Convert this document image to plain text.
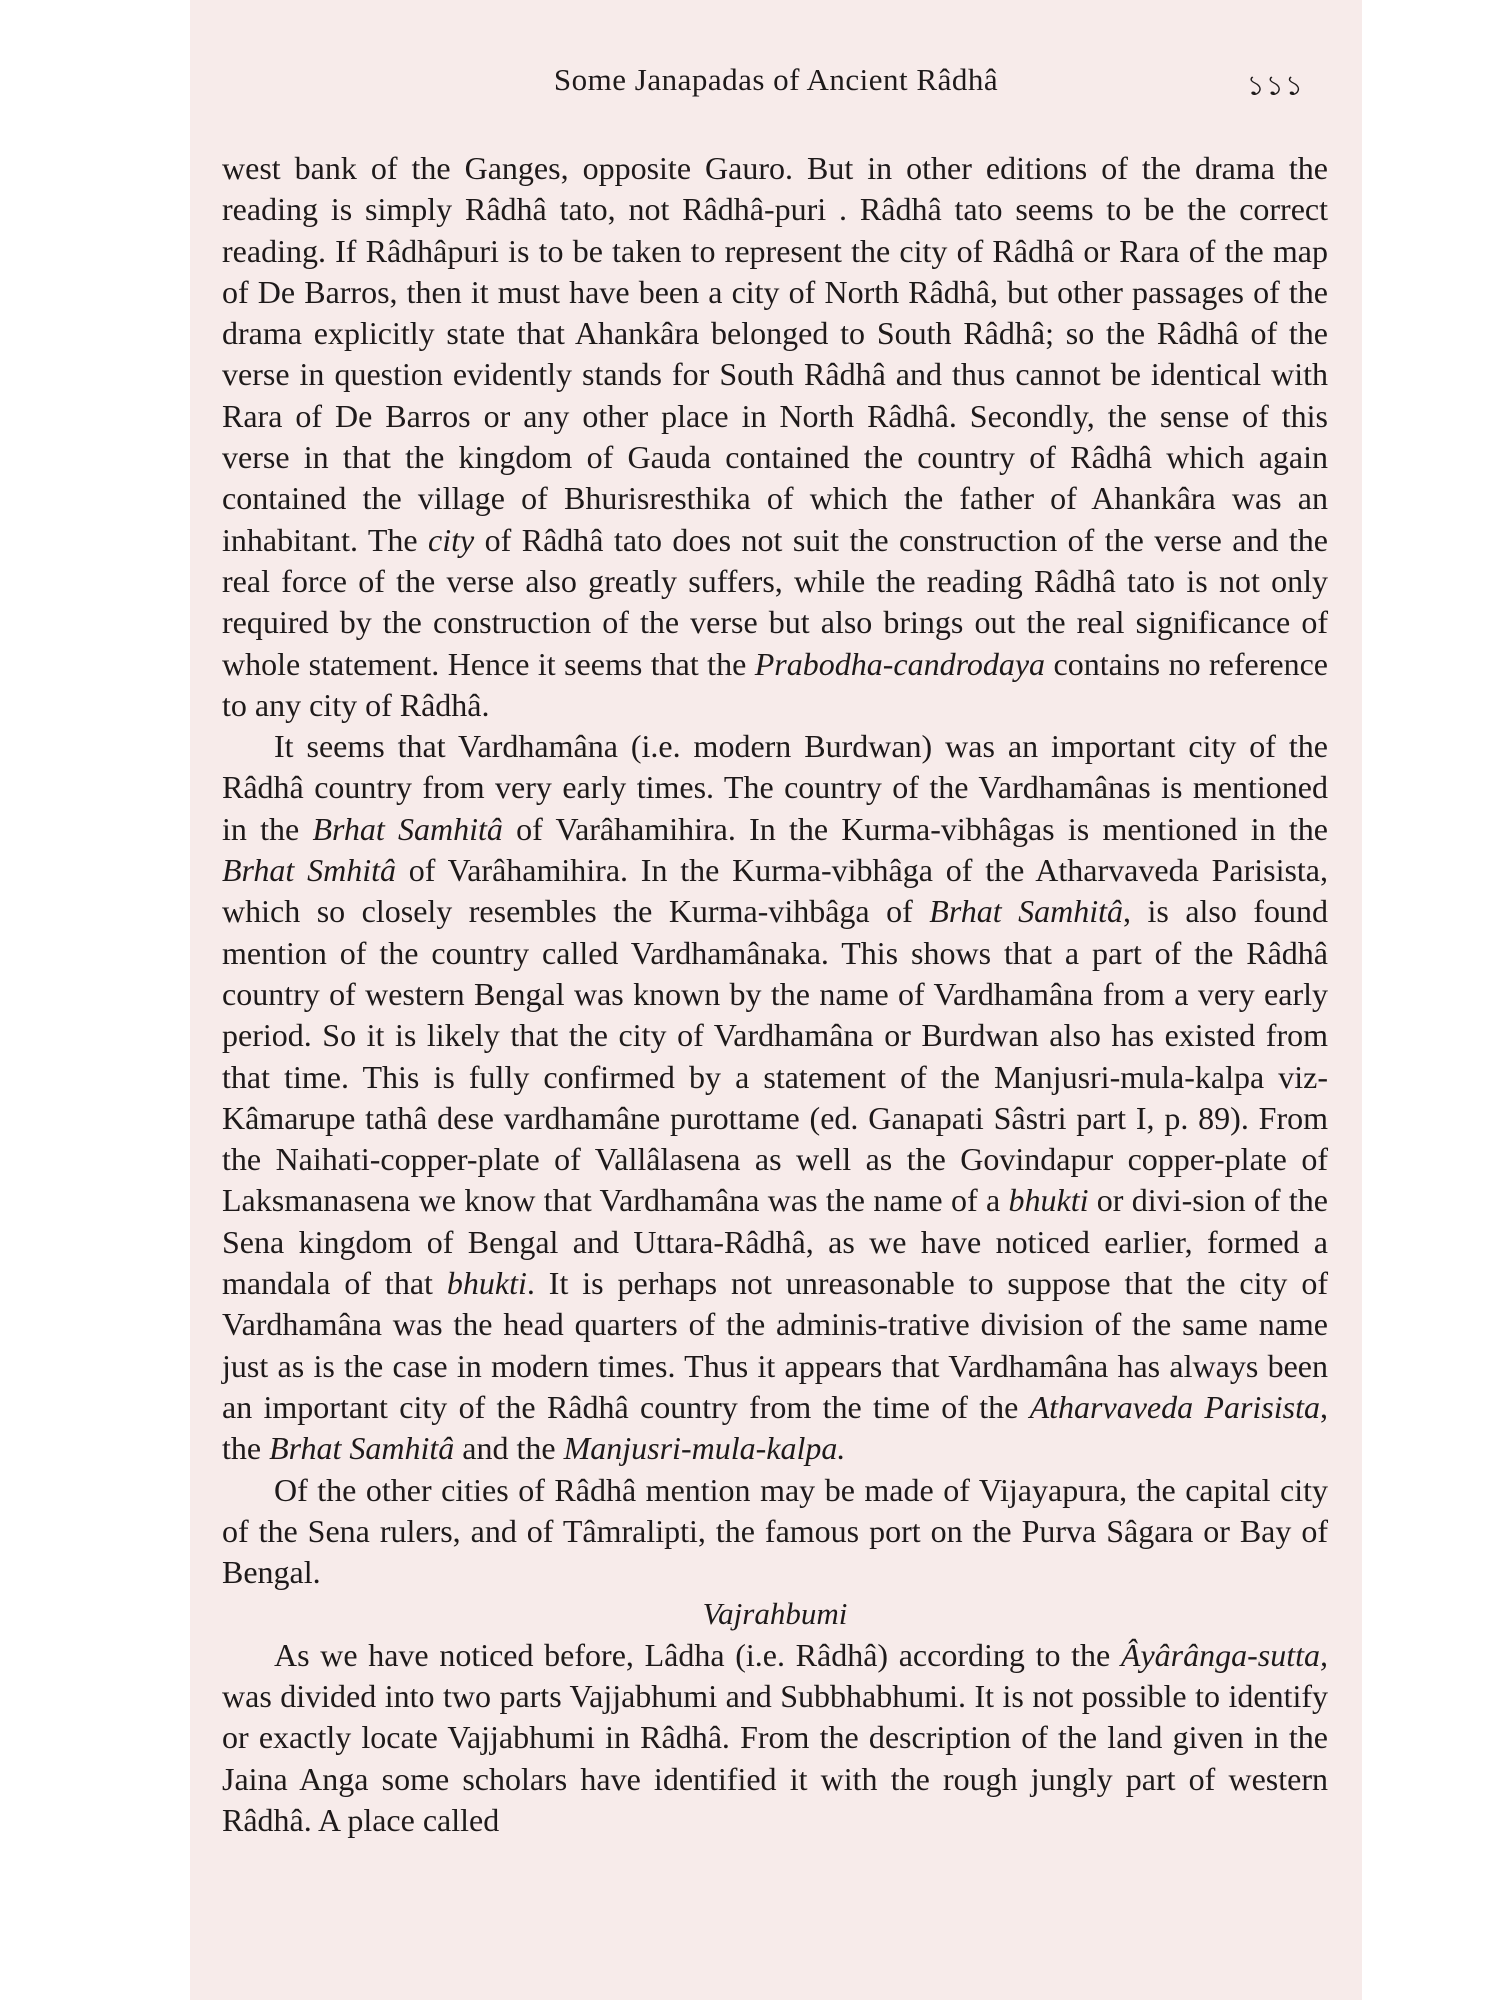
Some Janapadas of Ancient Râdhâ	১১১

west bank of the Ganges, opposite Gauro. But in other editions of the drama the reading is simply Râdhâ tato, not Râdhâ-puri . Râdhâ tato seems to be the correct reading. If Râdhâpuri is to be taken to represent the city of Râdhâ or Rara of the map of De Barros, then it must have been a city of North Râdhâ, but other passages of the drama explicitly state that Ahankâra belonged to South Râdhâ; so the Râdhâ of the verse in question evidently stands for South Râdhâ and thus cannot be identical with Rara of De Barros or any other place in North Râdhâ. Secondly, the sense of this verse in that the kingdom of Gauda contained the country of Râdhâ which again contained the village of Bhurisresthika of which the father of Ahankâra was an inhabitant. The city of Râdhâ tato does not suit the construction of the verse and the real force of the verse also greatly suffers, while the reading Râdhâ tato is not only required by the construction of the verse but also brings out the real significance of whole statement. Hence it seems that the Prabodha-candrodaya contains no reference to any city of Râdhâ.

It seems that Vardhamâna (i.e. modern Burdwan) was an important city of the Râdhâ country from very early times. The country of the Vardhamânas is mentioned in the Brhat Samhitâ of Varâhamihira. In the Kurma-vibhâgas is mentioned in the Brhat Smhitâ of Varâhamihira. In the Kurma-vibhâga of the Atharvaveda Parisista, which so closely resembles the Kurma-vihbâga of Brhat Samhitâ, is also found mention of the country called Vardhamânaka. This shows that a part of the Râdhâ country of western Bengal was known by the name of Vardhamâna from a very early period. So it is likely that the city of Vardhamâna or Burdwan also has existed from that time. This is fully confirmed by a statement of the Manjusri-mula-kalpa viz-Kâmarupe tathâ dese vardhamâne purottame (ed. Ganapati Sâstri part I, p. 89). From the Naihati-copper-plate of Vallâlasena as well as the Govindapur copper-plate of Laksmanasena we know that Vardhamâna was the name of a bhukti or divi-sion of the Sena kingdom of Bengal and Uttara-Râdhâ, as we have noticed earlier, formed a mandala of that bhukti. It is perhaps not unreasonable to suppose that the city of Vardhamâna was the head quarters of the adminis-trative division of the same name just as is the case in modern times. Thus it appears that Vardhamâna has always been an important city of the Râdhâ country from the time of the Atharvaveda Parisista, the Brhat Samhitâ and the Manjusri-mula-kalpa.

Of the other cities of Râdhâ mention may be made of Vijayapura, the capital city of the Sena rulers, and of Tâmralipti, the famous port on the Purva Sâgara or Bay of Bengal.

Vajrahbumi

As we have noticed before, Lâdha (i.e. Râdhâ) according to the Âyârânga-sutta, was divided into two parts Vajjabhumi and Subbhabhumi. It is not possible to identify or exactly locate Vajjabhumi in Râdhâ. From the description of the land given in the Jaina Anga some scholars have identified it with the rough jungly part of western Râdhâ. A place called
